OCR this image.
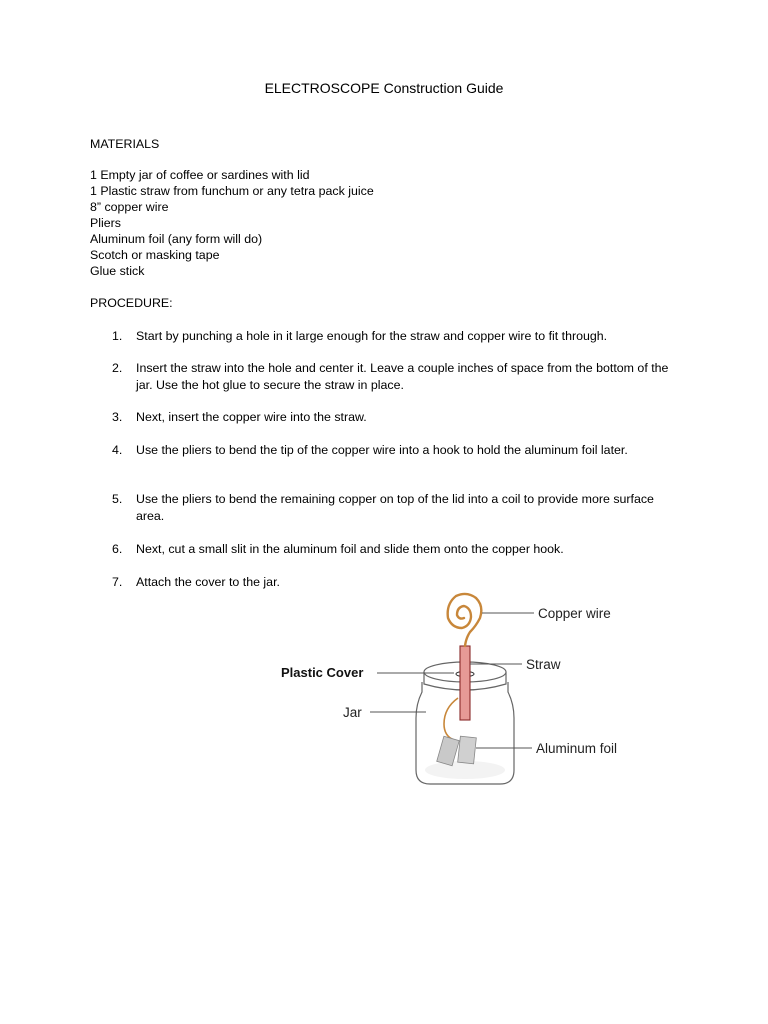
ELECTROSCOPE Construction Guide
MATERIALS
1 Empty jar of coffee or sardines with lid
1 Plastic straw from funchum or any tetra pack juice
8” copper wire
Pliers
Aluminum foil (any form will do)
Scotch or masking tape
Glue stick
PROCEDURE:
1.	Start by punching a hole in it large enough for the straw and copper wire to fit through.
2.	Insert the straw into the hole and center it. Leave a couple inches of space from the bottom of the jar. Use the hot glue to secure the straw in place.
3.	Next, insert the copper wire into the straw.
4.	Use the pliers to bend the tip of the copper wire into a hook to hold the aluminum foil later.
5.	Use the pliers to bend the remaining copper on top of the lid into a coil to provide more surface area.
6.	Next, cut a small slit in the aluminum foil and slide them onto the copper hook.
7.	Attach the cover to the jar.
Copper wire
Straw
Plastic Cover
Jar
Aluminum foil
